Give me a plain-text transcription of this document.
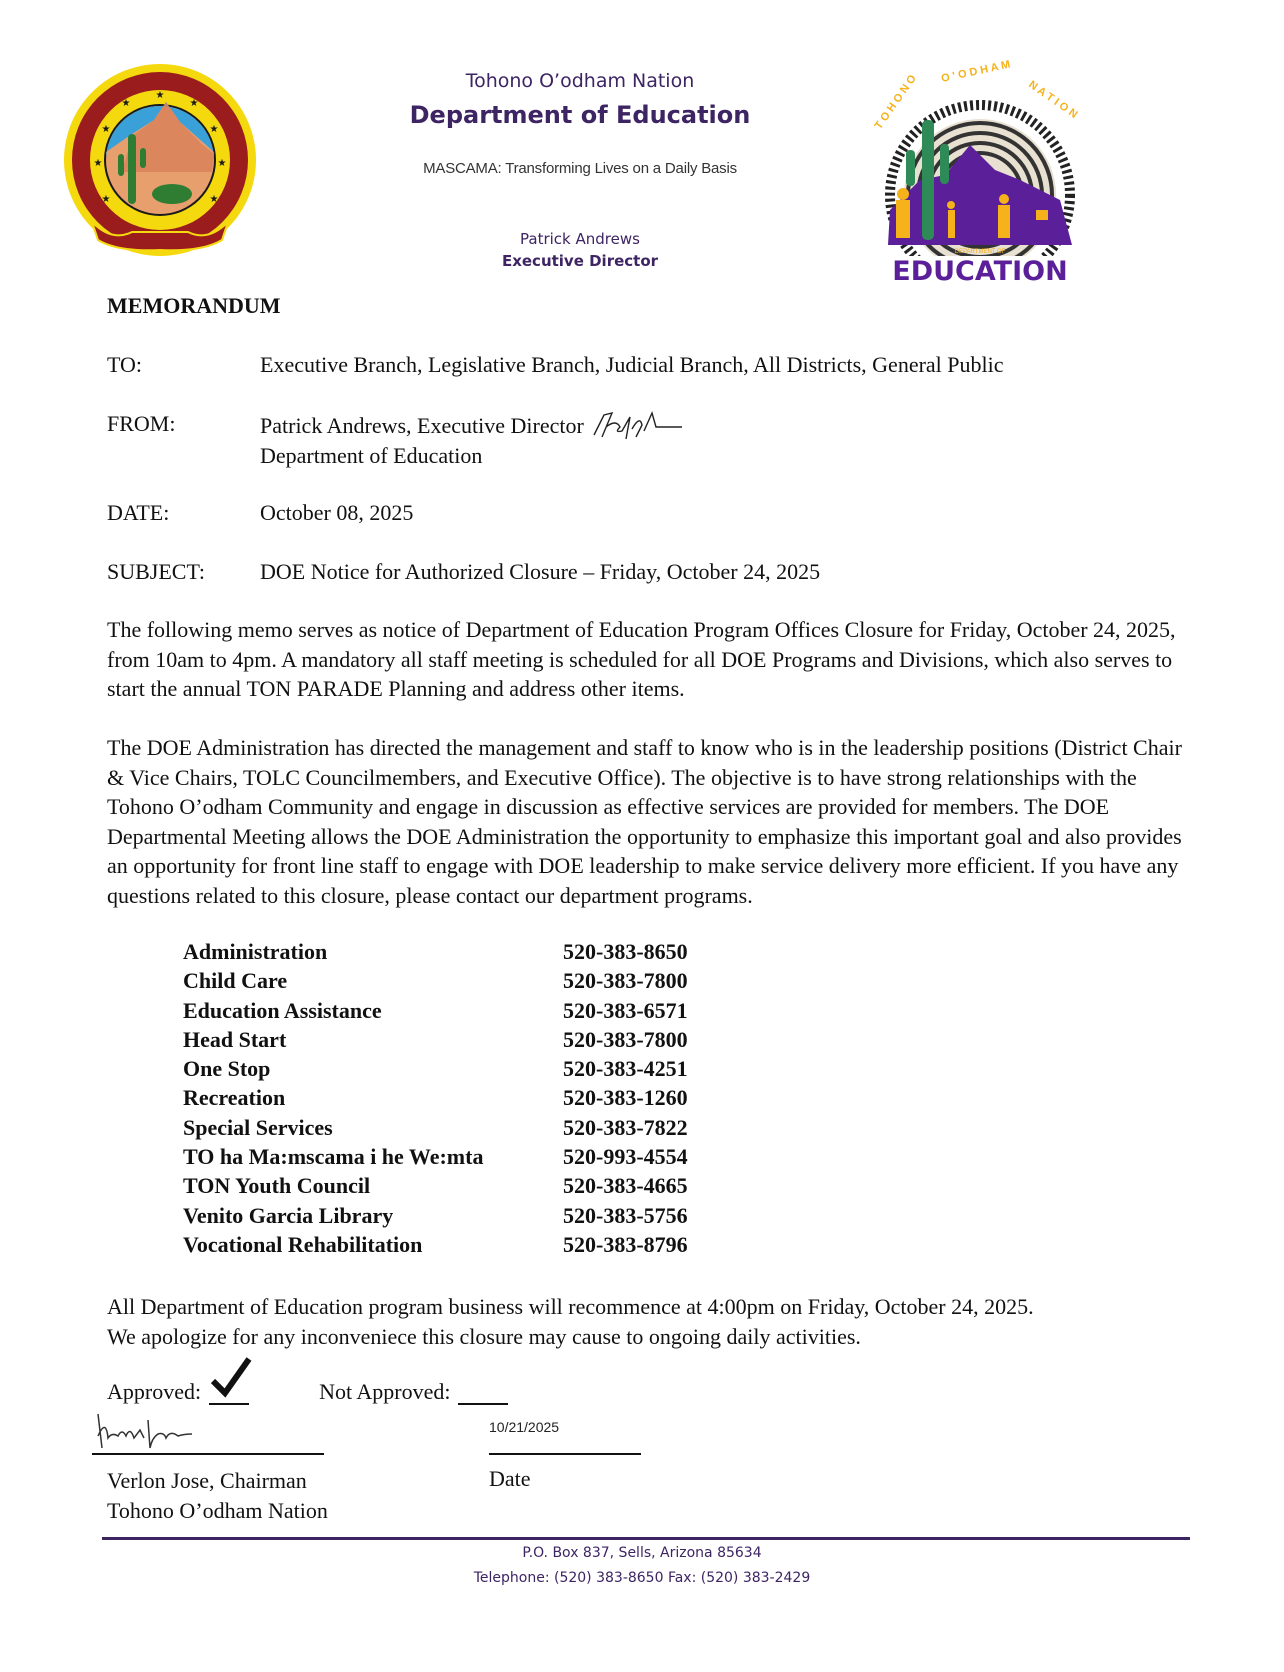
★
★	★
★	★
★	★
★	★
Tohono O’odham Nation
Department of Education
MASCAMA: Transforming Lives on a Daily Basis
Patrick Andrews
Executive Director
T O H O N O
O ' O D H A M
N A T I O N
DEPARTMENT OF
EDUCATION
MEMORANDUM
TO:	Executive Branch, Legislative Branch, Judicial Branch, All Districts, General Public
FROM:	Patrick Andrews, Executive Director
Department of Education
DATE:	October 08, 2025
SUBJECT:	DOE Notice for Authorized Closure – Friday, October 24, 2025
The following memo serves as notice of Department of Education Program Offices Closure for Friday, October 24, 2025, from 10am to 4pm. A mandatory all staff meeting is scheduled for all DOE Programs and Divisions, which also serves to start the annual TON PARADE Planning and address other items.
The DOE Administration has directed the management and staff to know who is in the leadership positions (District Chair & Vice Chairs, TOLC Councilmembers, and Executive Office). The objective is to have strong relationships with the Tohono O’odham Community and engage in discussion as effective services are provided for members. The DOE Departmental Meeting allows the DOE Administration the opportunity to emphasize this important goal and also provides an opportunity for front line staff to engage with DOE leadership to make service delivery more efficient. If you have any questions related to this closure, please contact our department programs.
Administration	520-383-8650
Child Care	520-383-7800
Education Assistance	520-383-6571
Head Start	520-383-7800
One Stop	520-383-4251
Recreation	520-383-1260
Special Services	520-383-7822
TO ha Ma:mscama i he We:mta	520-993-4554
TON Youth Council	520-383-4665
Venito Garcia Library	520-383-5756
Vocational Rehabilitation	520-383-8796
All Department of Education program business will recommence at 4:00pm on Friday, October 24, 2025.
We apologize for any inconveniece this closure may cause to ongoing daily activities.
Approved:	Not Approved:
10/21/2025
Verlon Jose, Chairman
Tohono O’odham Nation
Date
P.O. Box 837, Sells, Arizona 85634
Telephone: (520) 383-8650 Fax: (520) 383-2429
